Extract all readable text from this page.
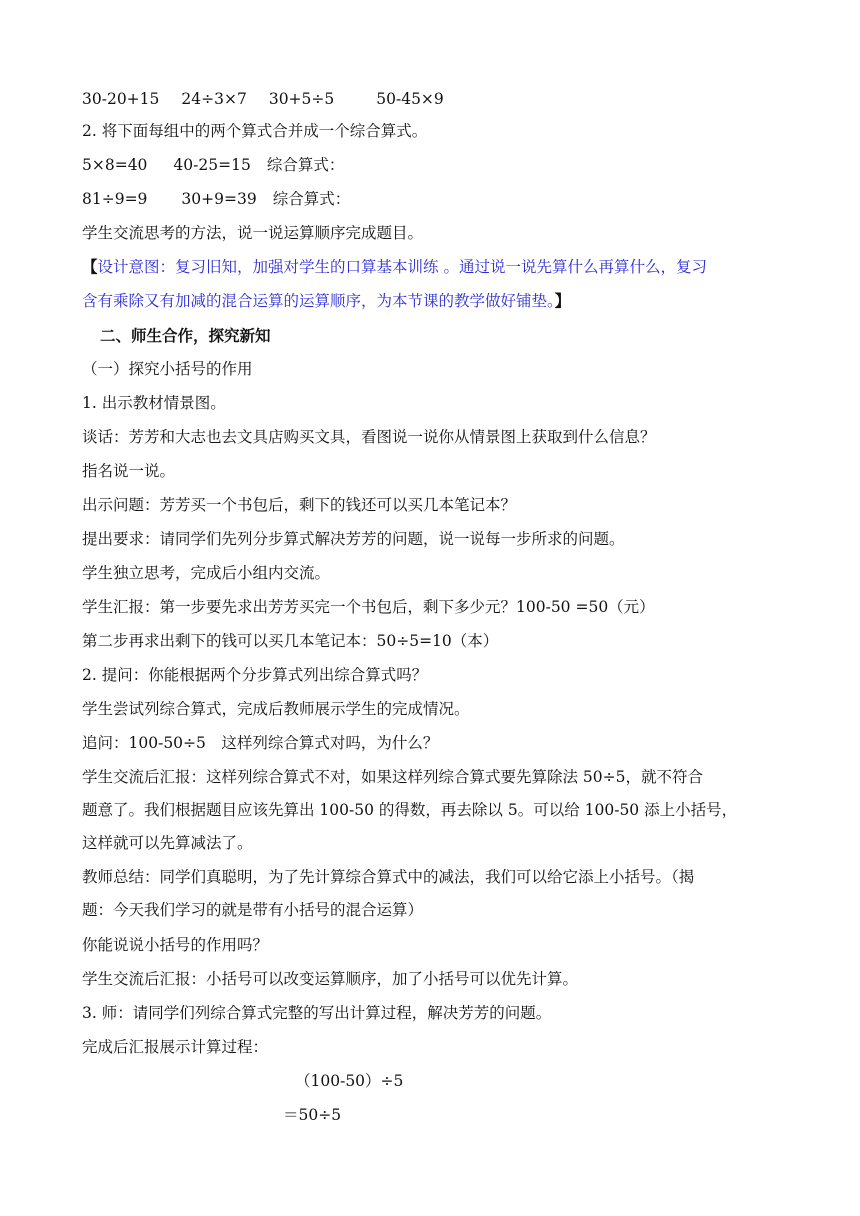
30-20+15 24÷3×7 30+5÷5	50-45×9
2. 将下面每组中的两个算式合并成一个综合算式。
5×8=40 40-25=15 综合算式：
81÷9=9 30+9=39 综合算式：
学生交流思考的方法，说一说运算顺序完成题目。
【设计意图：复习旧知，加强对学生的口算基本训练 。通过说一说先算什么再算什么，复习
含有乘除又有加减的混合运算的运算顺序，为本节课的教学做好铺垫。】
二、师生合作，探究新知
（一）探究小括号的作用
1. 出示教材情景图。
谈话：芳芳和大志也去文具店购买文具，看图说一说你从情景图上获取到什么信息？
指名说一说。
出示问题：芳芳买一个书包后，剩下的钱还可以买几本笔记本？
提出要求：请同学们先列分步算式解决芳芳的问题，说一说每一步所求的问题。
学生独立思考，完成后小组内交流。
学生汇报：第一步要先求出芳芳买完一个书包后，剩下多少元？100-50 =50（元）
第二步再求出剩下的钱可以买几本笔记本：50÷5=10（本）
2. 提问：你能根据两个分步算式列出综合算式吗？
学生尝试列综合算式，完成后教师展示学生的完成情况。
追问：100-50÷5　这样列综合算式对吗，为什么？
学生交流后汇报：这样列综合算式不对，如果这样列综合算式要先算除法 50÷5，就不符合
题意了。我们根据题目应该先算出 100-50 的得数，再去除以 5。可以给 100-50 添上小括号，
这样就可以先算减法了。
教师总结：同学们真聪明，为了先计算综合算式中的减法，我们可以给它添上小括号。（揭
题：今天我们学习的就是带有小括号的混合运算）
你能说说小括号的作用吗？
学生交流后汇报：小括号可以改变运算顺序，加了小括号可以优先计算。
3. 师：请同学们列综合算式完整的写出计算过程，解决芳芳的问题。
完成后汇报展示计算过程：
（100-50）÷5
＝50÷5
